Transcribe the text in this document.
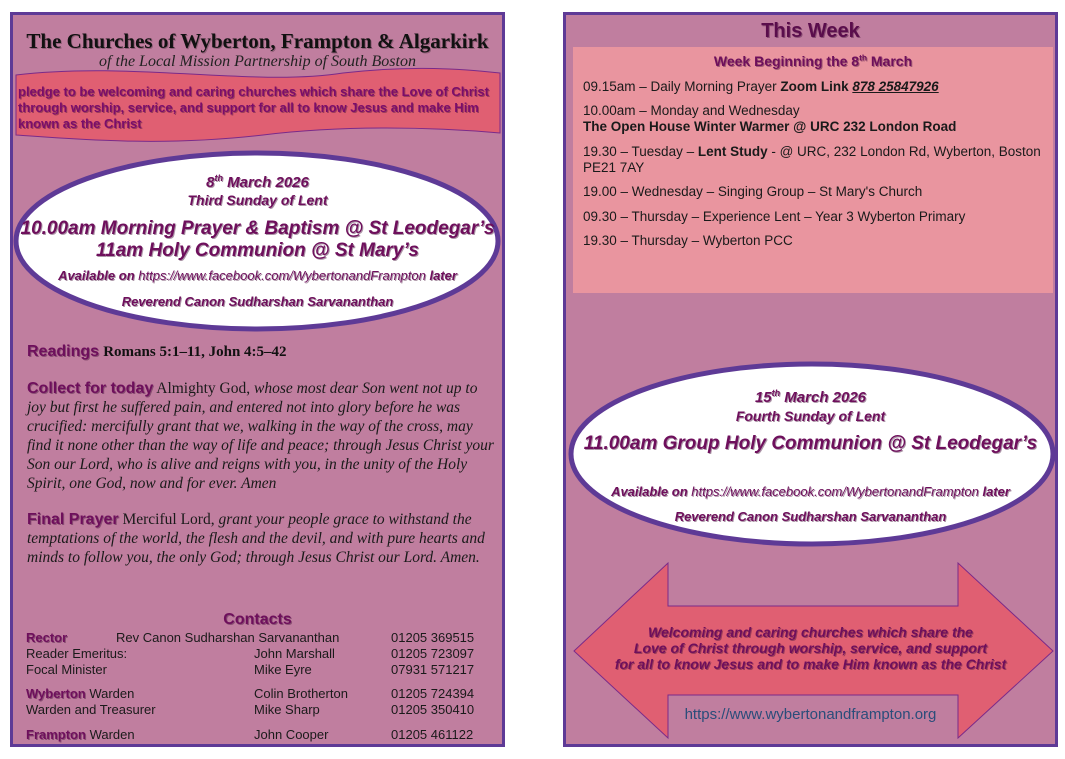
The Churches of Wyberton, Frampton & Algarkirk
of the Local Mission Partnership of South Boston
pledge to be welcoming and caring churches which share the Love of Christ through worship, service, and support for all to know Jesus and make Him known as the Christ
8th March 2026
Third Sunday of Lent
10.00am Morning Prayer & Baptism @ St Leodegar’s
11am Holy Communion @ St Mary’s
Available on https://www.facebook.com/WybertonandFrampton later
Reverend Canon Sudharshan Sarvananthan
Readings Romans 5:1–11, John 4:5–42
Collect for today Almighty God, whose most dear Son went not up to joy but first he suffered pain, and entered not into glory before he was crucified: mercifully grant that we, walking in the way of the cross, may find it none other than the way of life and peace; through Jesus Christ your Son our Lord, who is alive and reigns with you, in the unity of the Holy Spirit, one God, now and for ever. Amen
Final Prayer Merciful Lord, grant your people grace to withstand the temptations of the world, the flesh and the devil, and with pure hearts and minds to follow you, the only God; through Jesus Christ our Lord. Amen.
Contacts
Rector	Rev Canon Sudharshan Sarvananthan	01205 369515
Reader Emeritus:	John Marshall	01205 723097
Focal Minister	Mike Eyre	07931 571217
Wyberton Warden	Colin Brotherton	01205 724394
Warden and Treasurer	Mike Sharp	01205 350410
Frampton Warden	John Cooper	01205 461122
This Week
Week Beginning the 8th March
09.15am – Daily Morning Prayer Zoom Link 878 25847926
10.00am – Monday and Wednesday
The Open House Winter Warmer @ URC 232 London Road
19.30 – Tuesday – Lent Study - @ URC, 232 London Rd, Wyberton, Boston PE21 7AY
19.00 – Wednesday – Singing Group – St Mary's Church
09.30 – Thursday – Experience Lent – Year 3 Wyberton Primary
19.30 – Thursday – Wyberton PCC
15th March 2026
Fourth Sunday of Lent
11.00am Group Holy Communion @ St Leodegar’s
Available on https://www.facebook.com/WybertonandFrampton later
Reverend Canon Sudharshan Sarvananthan
Welcoming and caring churches which share the
Love of Christ through worship, service, and support
for all to know Jesus and to make Him known as the Christ
https://www.wybertonandframpton.org
